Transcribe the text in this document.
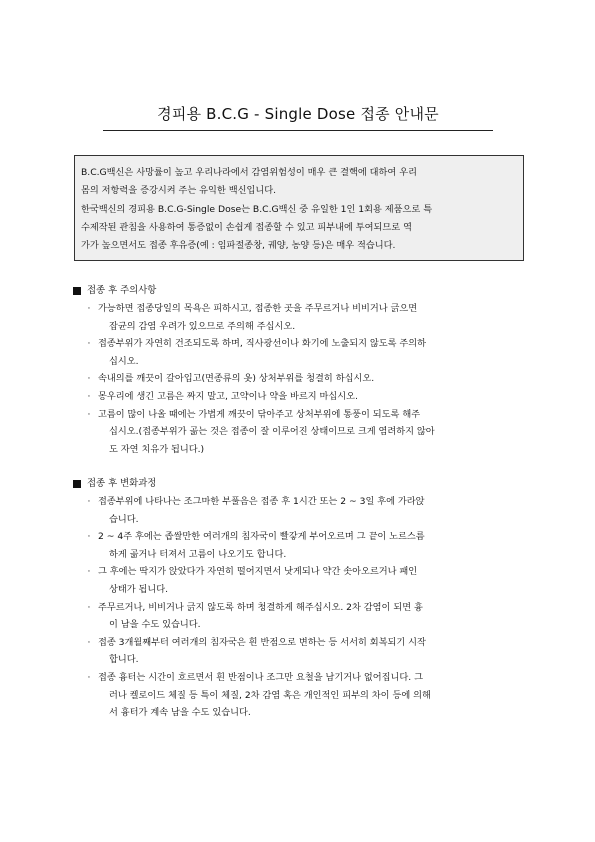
경피용 B.C.G - Single Dose 접종 안내문
B.C.G백신은 사망률이 높고 우리나라에서 감염위험성이 매우 큰 결핵에 대하여 우리
몸의 저항력을 증강시켜 주는 유익한 백신입니다.
한국백신의 경피용 B.C.G-Single Dose는 B.C.G백신 중 유일한 1인 1회용 제품으로 특
수제작된 관침을 사용하여 통증없이 손쉽게 접종할 수 있고 피부내에 투여되므로 역
가가 높으면서도 접종 후유증(예 : 임파절종창, 궤양, 농양 등)은 매우 적습니다.
접종 후 주의사항
· 가능하면 접종당일의 목욕은 피하시고, 접종한 곳을 주무르거나 비비거나 긁으면
잡균의 감염 우려가 있으므로 주의해 주십시오.
· 접종부위가 자연히 건조되도록 하며, 직사광선이나 화기에 노출되지 않도록 주의하
십시오.
· 속내의를 깨끗이 갈아입고(면종류의 옷) 상처부위를 청결히 하십시오.
· 몽우리에 생긴 고름은 짜지 말고, 고약이나 약을 바르지 마십시오.
· 고름이 많이 나올 때에는 가볍게 깨끗이 닦아주고 상처부위에 통풍이 되도록 해주
십시오.(접종부위가 곪는 것은 접종이 잘 이루어진 상태이므로 크게 염려하지 않아
도 자연 치유가 됩니다.)
접종 후 변화과정
· 접종부위에 나타나는 조그마한 부풀음은 접종 후 1시간 또는 2 ~ 3일 후에 가라앉
습니다.
· 2 ~ 4주 후에는 좁쌀만한 여러개의 침자국이 빨갛게 부어오르며 그 끝이 노르스름
하게 곪거나 터져서 고름이 나오기도 합니다.
· 그 후에는 딱지가 앉았다가 자연히 떨어지면서 낫게되나 약간 솟아오르거나 패인
상태가 됩니다.
· 주무르거나, 비비거나 긁지 않도록 하며 청결하게 해주십시오. 2차 감염이 되면 흉
이 남을 수도 있습니다.
· 접종 3개월째부터 여러개의 침자국은 흰 반점으로 변하는 등 서서히 회복되기 시작
합니다.
· 접종 흉터는 시간이 흐르면서 흰 반점이나 조그만 요철을 남기거나 없어집니다. 그
러나 켈로이드 체질 등 특이 체질, 2차 감염 혹은 개인적인 피부의 차이 등에 의해
서 흉터가 계속 남을 수도 있습니다.
